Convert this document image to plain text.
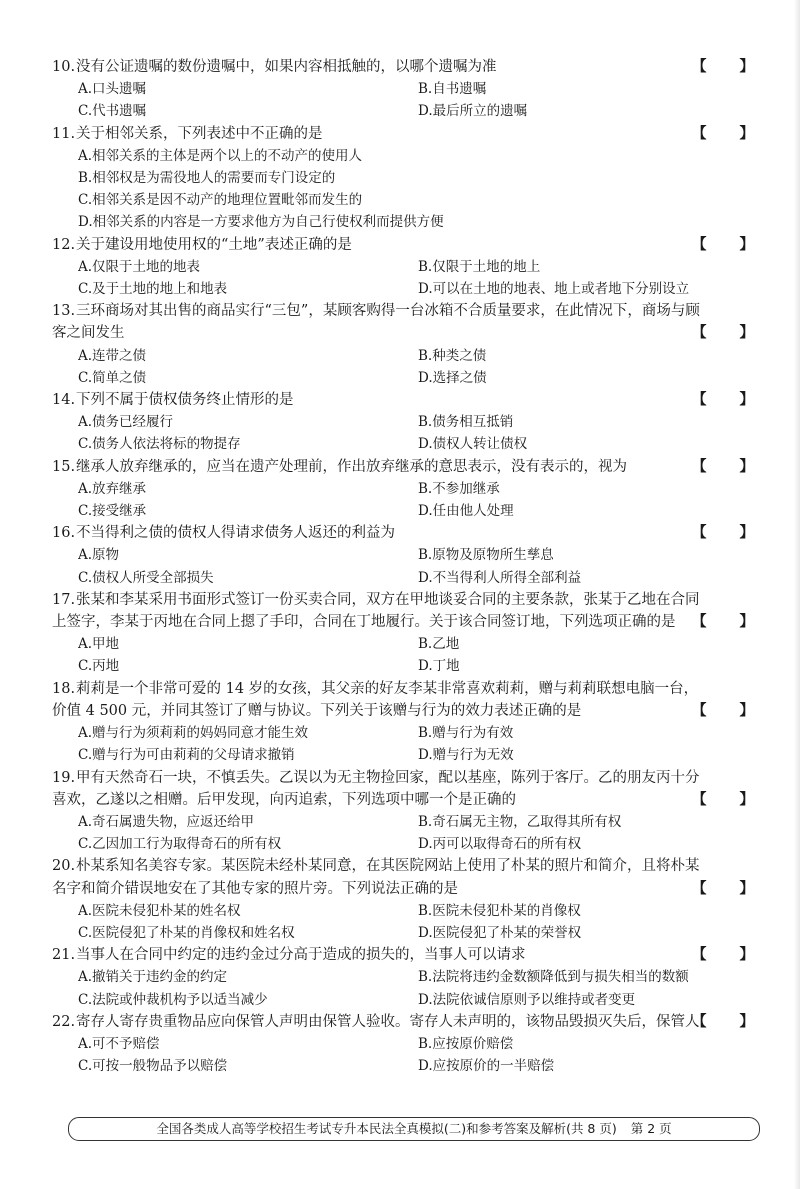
10.没有公证遗嘱的数份遗嘱中，如果内容相抵触的，以哪个遗嘱为准	【 】
A.口头遗嘱	B.自书遗嘱
C.代书遗嘱	D.最后所立的遗嘱
11.关于相邻关系，下列表述中不正确的是	【 】
A.相邻关系的主体是两个以上的不动产的使用人
B.相邻权是为需役地人的需要而专门设定的
C.相邻关系是因不动产的地理位置毗邻而发生的
D.相邻关系的内容是一方要求他方为自己行使权利而提供方便
12.关于建设用地使用权的“土地”表述正确的是	【 】
A.仅限于土地的地表	B.仅限于土地的地上
C.及于土地的地上和地表	D.可以在土地的地表、地上或者地下分别设立
13.三环商场对其出售的商品实行“三包”，某顾客购得一台冰箱不合质量要求，在此情况下，商场与顾客之间发生	【 】
A.连带之债	B.种类之债
C.简单之债	D.选择之债
14.下列不属于债权债务终止情形的是	【 】
A.债务已经履行	B.债务相互抵销
C.债务人依法将标的物提存	D.债权人转让债权
15.继承人放弃继承的，应当在遗产处理前，作出放弃继承的意思表示，没有表示的，视为	【 】
A.放弃继承	B.不参加继承
C.接受继承	D.任由他人处理
16.不当得利之债的债权人得请求债务人返还的利益为	【 】
A.原物	B.原物及原物所生孳息
C.债权人所受全部损失	D.不当得利人所得全部利益
17.张某和李某采用书面形式签订一份买卖合同，双方在甲地谈妥合同的主要条款，张某于乙地在合同上签字，李某于丙地在合同上摁了手印，合同在丁地履行。关于该合同签订地，下列选项正确的是 【 】
A.甲地	B.乙地
C.丙地	D.丁地
18.莉莉是一个非常可爱的 14 岁的女孩，其父亲的好友李某非常喜欢莉莉，赠与莉莉联想电脑一台，价值 4 500 元，并同其签订了赠与协议。下列关于该赠与行为的效力表述正确的是	【 】
A.赠与行为须莉莉的妈妈同意才能生效	B.赠与行为有效
C.赠与行为可由莉莉的父母请求撤销	D.赠与行为无效
19.甲有天然奇石一块，不慎丢失。乙误以为无主物捡回家，配以基座，陈列于客厅。乙的朋友丙十分喜欢，乙遂以之相赠。后甲发现，向丙追索，下列选项中哪一个是正确的	【 】
A.奇石属遗失物，应返还给甲	B.奇石属无主物，乙取得其所有权
C.乙因加工行为取得奇石的所有权	D.丙可以取得奇石的所有权
20.朴某系知名美容专家。某医院未经朴某同意，在其医院网站上使用了朴某的照片和简介，且将朴某名字和简介错误地安在了其他专家的照片旁。下列说法正确的是	【 】
A.医院未侵犯朴某的姓名权	B.医院未侵犯朴某的肖像权
C.医院侵犯了朴某的肖像权和姓名权	D.医院侵犯了朴某的荣誉权
21.当事人在合同中约定的违约金过分高于造成的损失的，当事人可以请求	【 】
A.撤销关于违约金的约定	B.法院将违约金数额降低到与损失相当的数额
C.法院或仲裁机构予以适当减少	D.法院依诚信原则予以维持或者变更
22.寄存人寄存贵重物品应向保管人声明由保管人验收。寄存人未声明的，该物品毁损灭失后，保管人
【 】
A.可不予赔偿	B.应按原价赔偿
C.可按一般物品予以赔偿	D.应按原价的一半赔偿
全国各类成人高等学校招生考试专升本民法全真模拟(二)和参考答案及解析(共 8 页) 第 2 页
